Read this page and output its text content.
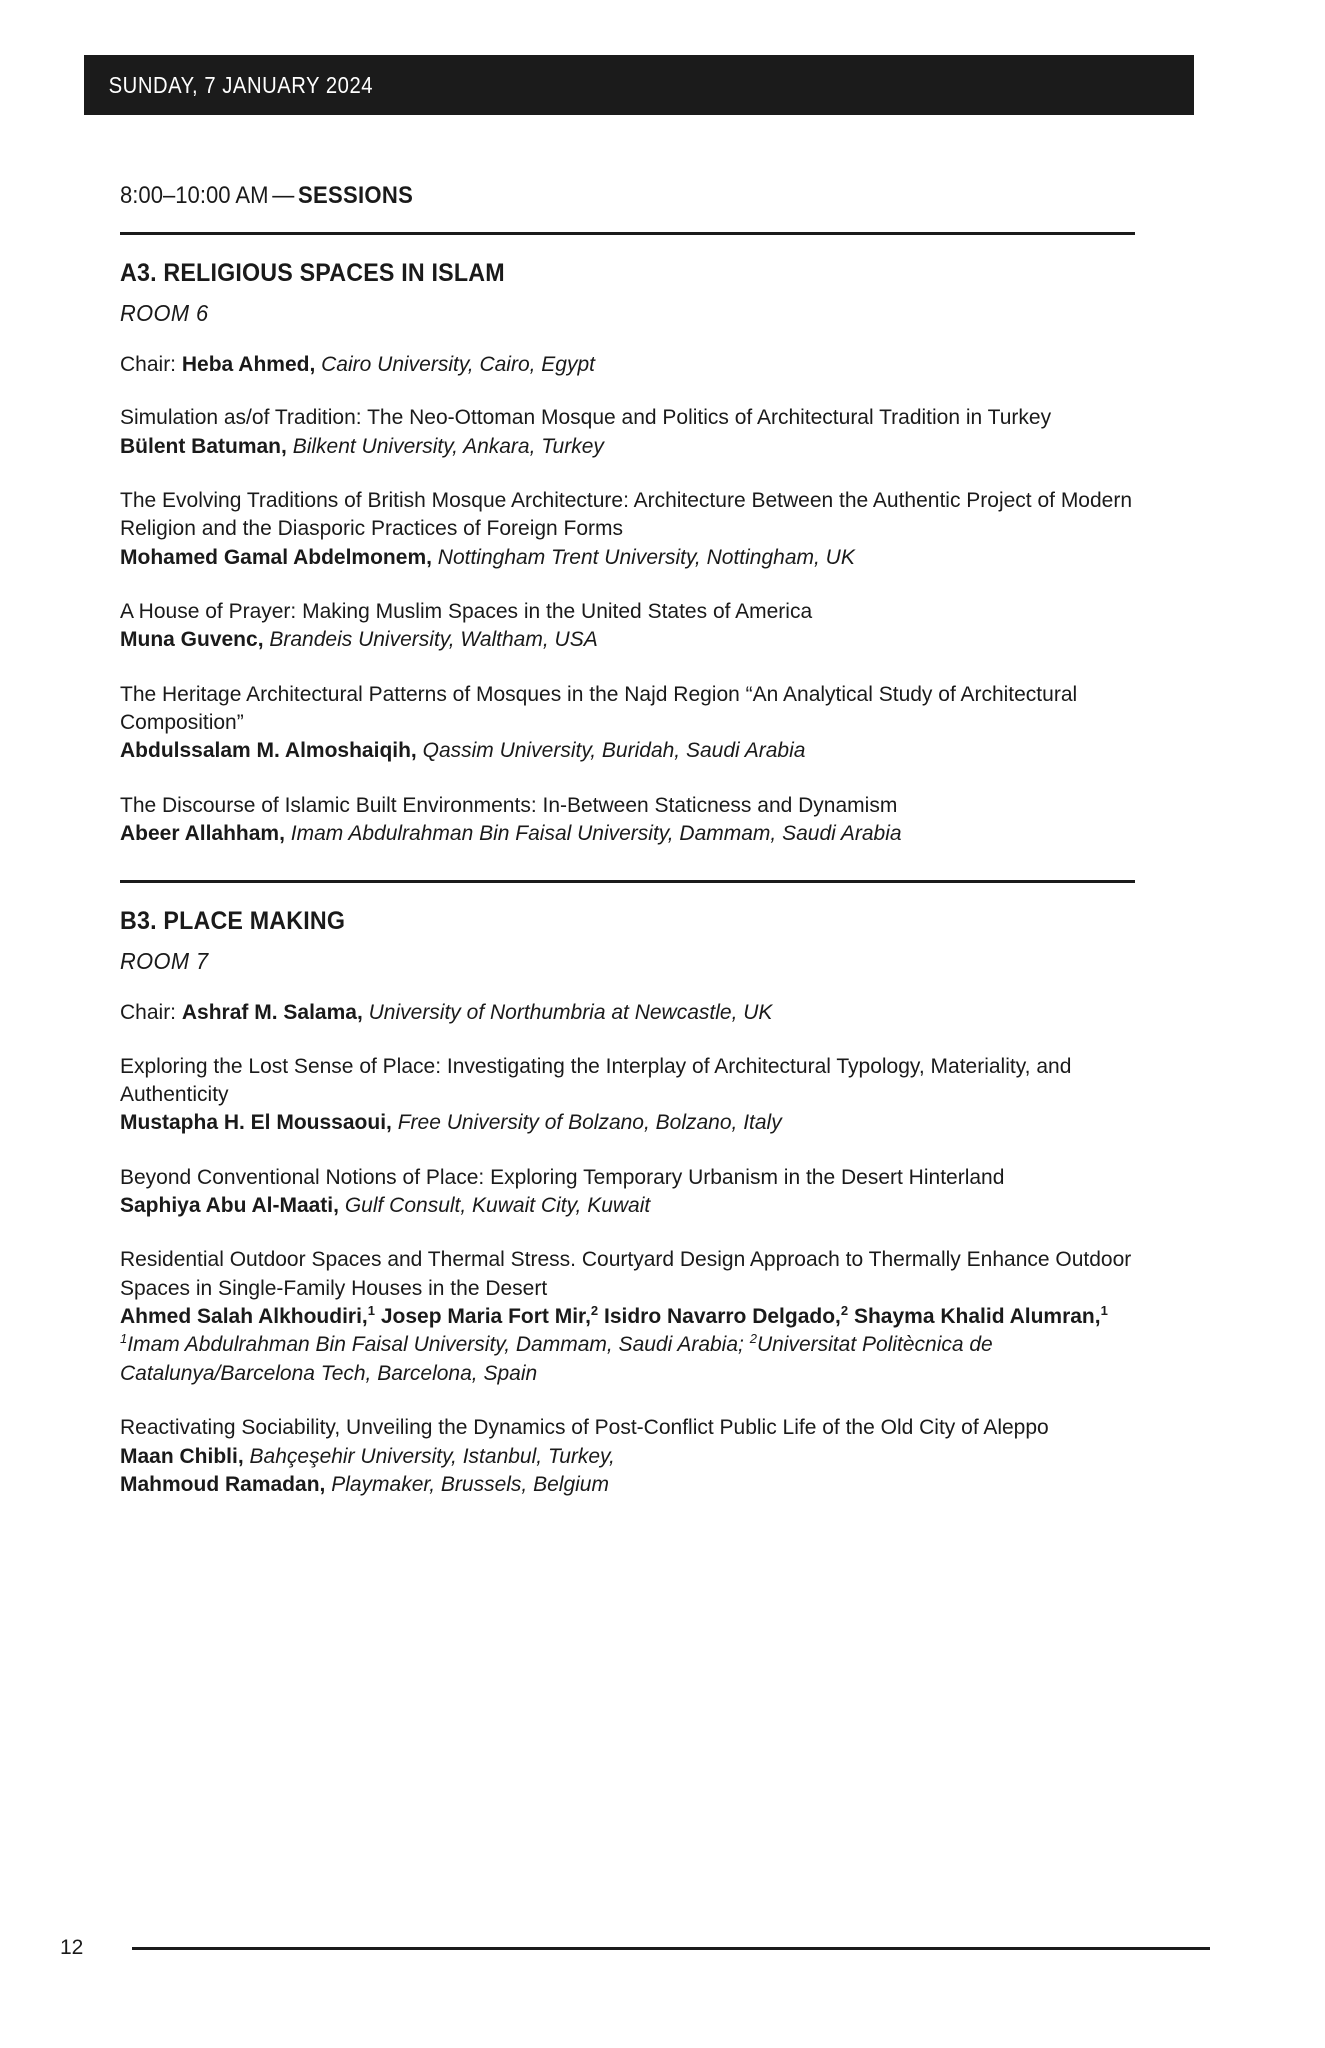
SUNDAY, 7 JANUARY 2024
8:00–10:00 AM — SESSIONS
A3. RELIGIOUS SPACES IN ISLAM
ROOM 6
Chair: Heba Ahmed, Cairo University, Cairo, Egypt
Simulation as/of Tradition: The Neo-Ottoman Mosque and Politics of Architectural Tradition in Turkey
Bülent Batuman, Bilkent University, Ankara, Turkey
The Evolving Traditions of British Mosque Architecture: Architecture Between the Authentic Project of Modern Religion and the Diasporic Practices of Foreign Forms
Mohamed Gamal Abdelmonem, Nottingham Trent University, Nottingham, UK
A House of Prayer: Making Muslim Spaces in the United States of America
Muna Guvenc, Brandeis University, Waltham, USA
The Heritage Architectural Patterns of Mosques in the Najd Region “An Analytical Study of Architectural Composition”
Abdulssalam M. Almoshaiqih, Qassim University, Buridah, Saudi Arabia
The Discourse of Islamic Built Environments: In-Between Staticness and Dynamism
Abeer Allahham, Imam Abdulrahman Bin Faisal University, Dammam, Saudi Arabia
B3. PLACE MAKING
ROOM 7
Chair: Ashraf M. Salama, University of Northumbria at Newcastle, UK
Exploring the Lost Sense of Place: Investigating the Interplay of Architectural Typology, Materiality, and Authenticity
Mustapha H. El Moussaoui, Free University of Bolzano, Bolzano, Italy
Beyond Conventional Notions of Place: Exploring Temporary Urbanism in the Desert Hinterland
Saphiya Abu Al-Maati, Gulf Consult, Kuwait City, Kuwait
Residential Outdoor Spaces and Thermal Stress. Courtyard Design Approach to Thermally Enhance Outdoor Spaces in Single-Family Houses in the Desert
Ahmed Salah Alkhoudiri,$^1$ Josep Maria Fort Mir,$^2$ Isidro Navarro Delgado,$^2$ Shayma Khalid Alumran,$^1$ $^1$Imam Abdulrahman Bin Faisal University, Dammam, Saudi Arabia; $^2$Universitat Politècnica de Catalunya/Barcelona Tech, Barcelona, Spain
Reactivating Sociability, Unveiling the Dynamics of Post-Conflict Public Life of the Old City of Aleppo
Maan Chibli, Bahçeşehir University, Istanbul, Turkey,
Mahmoud Ramadan, Playmaker, Brussels, Belgium
12
